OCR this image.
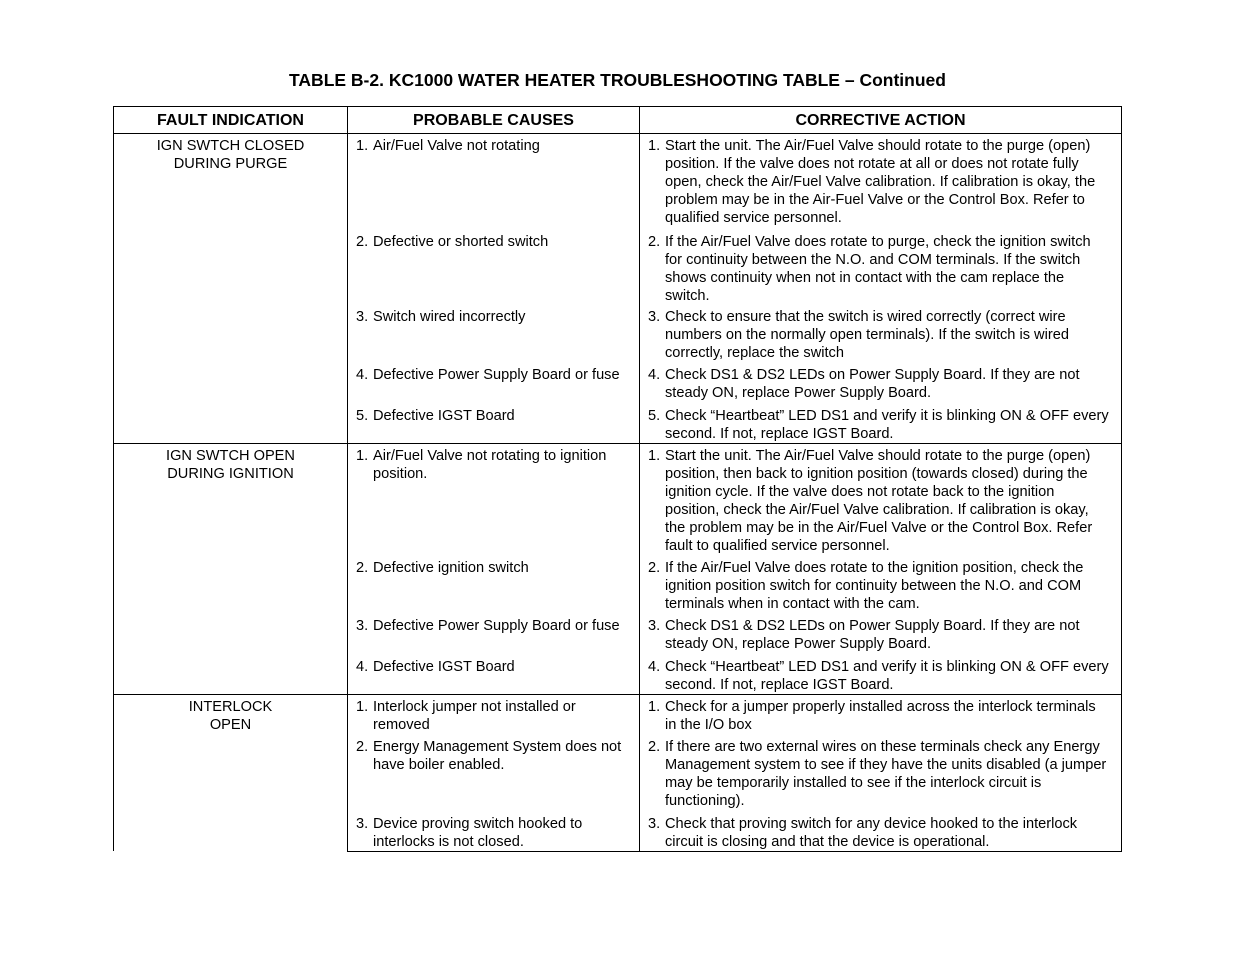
TABLE B-2. KC1000 WATER HEATER TROUBLESHOOTING TABLE – Continued
FAULT INDICATION	PROBABLE CAUSES	CORRECTIVE ACTION

IGN SWTCH CLOSED
DURING PURGE	1. Air/Fuel Valve not rotating	1. Start the unit. The Air/Fuel Valve should rotate to the purge (open) position. If the valve does not rotate at all or does not rotate fully open, check the Air/Fuel Valve calibration. If calibration is okay, the problem may be in the Air-Fuel Valve or the Control Box. Refer to qualified service personnel.

	2. Defective or shorted switch	2. If the Air/Fuel Valve does rotate to purge, check the ignition switch for continuity between the N.O. and COM terminals. If the switch shows continuity when not in contact with the cam replace the switch.

	3. Switch wired incorrectly	3. Check to ensure that the switch is wired correctly (correct wire numbers on the normally open terminals). If the switch is wired correctly, replace the switch

	4. Defective Power Supply Board or fuse	4. Check DS1 & DS2 LEDs on Power Supply Board. If they are not steady ON, replace Power Supply Board.

	5. Defective IGST Board	5. Check “Heartbeat” LED DS1 and verify it is blinking ON & OFF every second. If not, replace IGST Board.

IGN SWTCH OPEN
DURING IGNITION	1. Air/Fuel Valve not rotating to ignition position.	1. Start the unit. The Air/Fuel Valve should rotate to the purge (open) position, then back to ignition position (towards closed) during the ignition cycle. If the valve does not rotate back to the ignition position, check the Air/Fuel Valve calibration. If calibration is okay, the problem may be in the Air/Fuel Valve or the Control Box. Refer fault to qualified service personnel.

	2. Defective ignition switch	2. If the Air/Fuel Valve does rotate to the ignition position, check the ignition position switch for continuity between the N.O. and COM terminals when in contact with the cam.

	3. Defective Power Supply Board or fuse	3. Check DS1 & DS2 LEDs on Power Supply Board. If they are not steady ON, replace Power Supply Board.

	4. Defective IGST Board	4. Check “Heartbeat” LED DS1 and verify it is blinking ON & OFF every second. If not, replace IGST Board.

INTERLOCK
OPEN	1. Interlock jumper not installed or removed	1. Check for a jumper properly installed across the interlock terminals in the I/O box

	2. Energy Management System does not have boiler enabled.	2. If there are two external wires on these terminals check any Energy Management system to see if they have the units disabled (a jumper may be temporarily installed to see if the interlock circuit is functioning).

	3. Device proving switch hooked to interlocks is not closed.	3. Check that proving switch for any device hooked to the interlock circuit is closing and that the device is operational.
